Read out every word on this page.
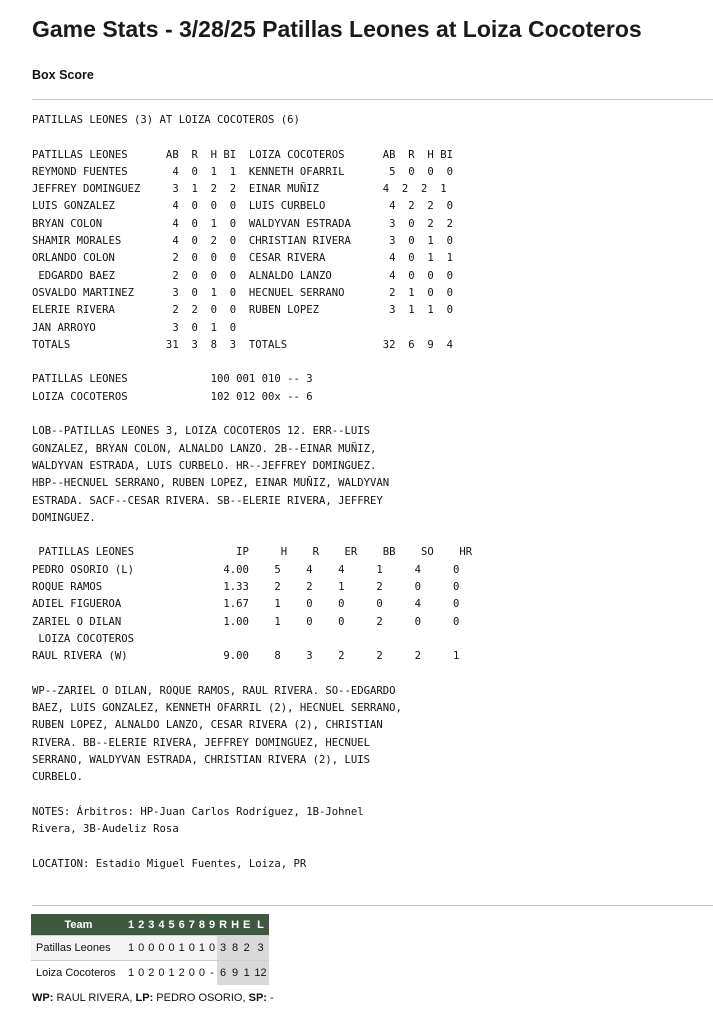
Game Stats - 3/28/25 Patillas Leones at Loiza Cocoteros
Box Score
PATILLAS LEONES (3) AT LOIZA COCOTEROS (6)

PATILLAS LEONES      AB  R  H BI  LOIZA COCOTEROS      AB  R  H BI
REYMOND FUENTES       4  0  1  1  KENNETH OFARRIL       5  0  0  0
JEFFREY DOMINGUEZ     3  1  2  2  EINAR MUÑIZ          4  2  2  1
LUIS GONZALEZ         4  0  0  0  LUIS CURBELO          4  2  2  0
BRYAN COLON           4  0  1  0  WALDYVAN ESTRADA      3  0  2  2
SHAMIR MORALES        4  0  2  0  CHRISTIAN RIVERA      3  0  1  0
ORLANDO COLON         2  0  0  0  CESAR RIVERA          4  0  1  1
EDGARDO BAEZ         2  0  0  0  ALNALDO LANZO         4  0  0  0
OSVALDO MARTINEZ      3  0  1  0  HECNUEL SERRANO       2  1  0  0
ELERIE RIVERA         2  2  0  0  RUBEN LOPEZ           3  1  1  0
JAN ARROYO            3  0  1  0
TOTALS               31  3  8  3  TOTALS               32  6  9  4

PATILLAS LEONES             100 001 010 -- 3
LOIZA COCOTEROS             102 012 00x -- 6

LOB--PATILLAS LEONES 3, LOIZA COCOTEROS 12. ERR--LUIS
GONZALEZ, BRYAN COLON, ALNALDO LANZO. 2B--EINAR MUÑIZ,
WALDYVAN ESTRADA, LUIS CURBELO. HR--JEFFREY DOMINGUEZ.
HBP--HECNUEL SERRANO, RUBEN LOPEZ, EINAR MUÑIZ, WALDYVAN
ESTRADA. SACF--CESAR RIVERA. SB--ELERIE RIVERA, JEFFREY
DOMINGUEZ.

PATILLAS LEONES                IP     H    R    ER    BB    SO    HR
PEDRO OSORIO (L)              4.00    5    4    4     1     4     0
ROQUE RAMOS                   1.33    2    2    1     2     0     0
ADIEL FIGUEROA                1.67    1    0    0     0     4     0
ZARIEL O DILAN                1.00    1    0    0     2     0     0
LOIZA COCOTEROS
RAUL RIVERA (W)               9.00    8    3    2     2     2     1

WP--ZARIEL O DILAN, ROQUE RAMOS, RAUL RIVERA. SO--EDGARDO
BAEZ, LUIS GONZALEZ, KENNETH OFARRIL (2), HECNUEL SERRANO,
RUBEN LOPEZ, ALNALDO LANZO, CESAR RIVERA (2), CHRISTIAN
RIVERA. BB--ELERIE RIVERA, JEFFREY DOMINGUEZ, HECNUEL
SERRANO, WALDYVAN ESTRADA, CHRISTIAN RIVERA (2), LUIS
CURBELO.

NOTES: Árbitros: HP-Juan Carlos Rodríguez, 1B-Johnel
Rivera, 3B-Audeliz Rosa

LOCATION: Estadio Miguel Fuentes, Loiza, PR

Team	1	2	3	4	5	6	7	8	9	R	H	E	L
Patillas Leones	1	0	0	0	0	1	0	1	0	3	8	2	3
Loiza Cocoteros	1	0	2	0	1	2	0	0	-	6	9	1	12

WP: RAUL RIVERA, LP: PEDRO OSORIO, SP: -
